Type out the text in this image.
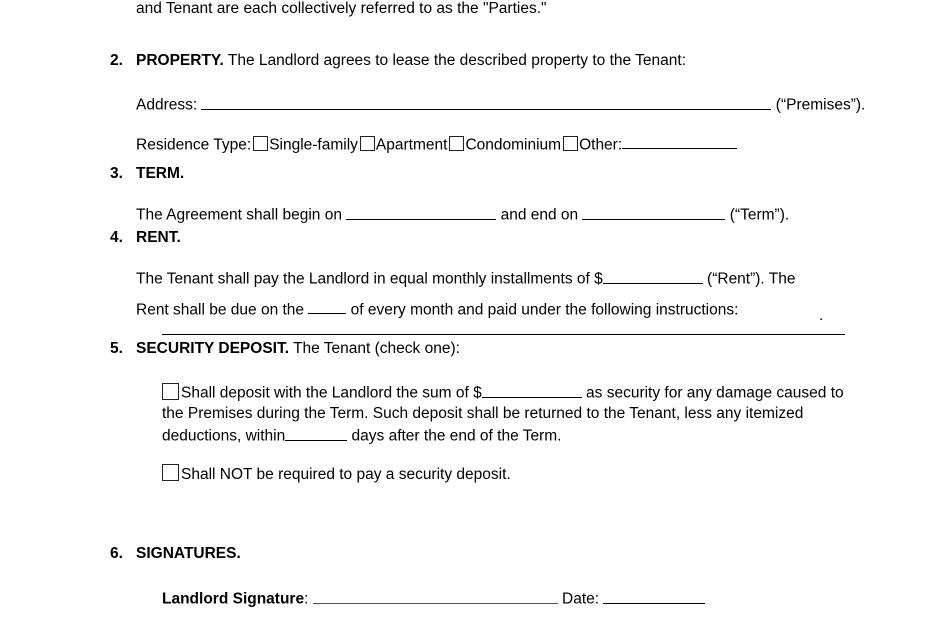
and Tenant are each collectively referred to as the "Parties."
2. PROPERTY. The Landlord agrees to lease the described property to the Tenant:
Address:	(“Premises”).
Residence Type: Single-family Apartment Condominium Other:
3. TERM.
The Agreement shall begin on	and end on	(“Term”).
4. RENT.
The Tenant shall pay the Landlord in equal monthly installments of $	(“Rent”). The
Rent shall be due on the	of every month and paid under the following instructions:	.
5. SECURITY DEPOSIT. The Tenant (check one):
Shall deposit with the Landlord the sum of $	as security for any damage caused to the Premises during the Term. Such deposit shall be returned to the Tenant, less any itemized deductions, within	days after the end of the Term.
Shall NOT be required to pay a security deposit.
6. SIGNATURES.
Landlord Signature:	Date:
